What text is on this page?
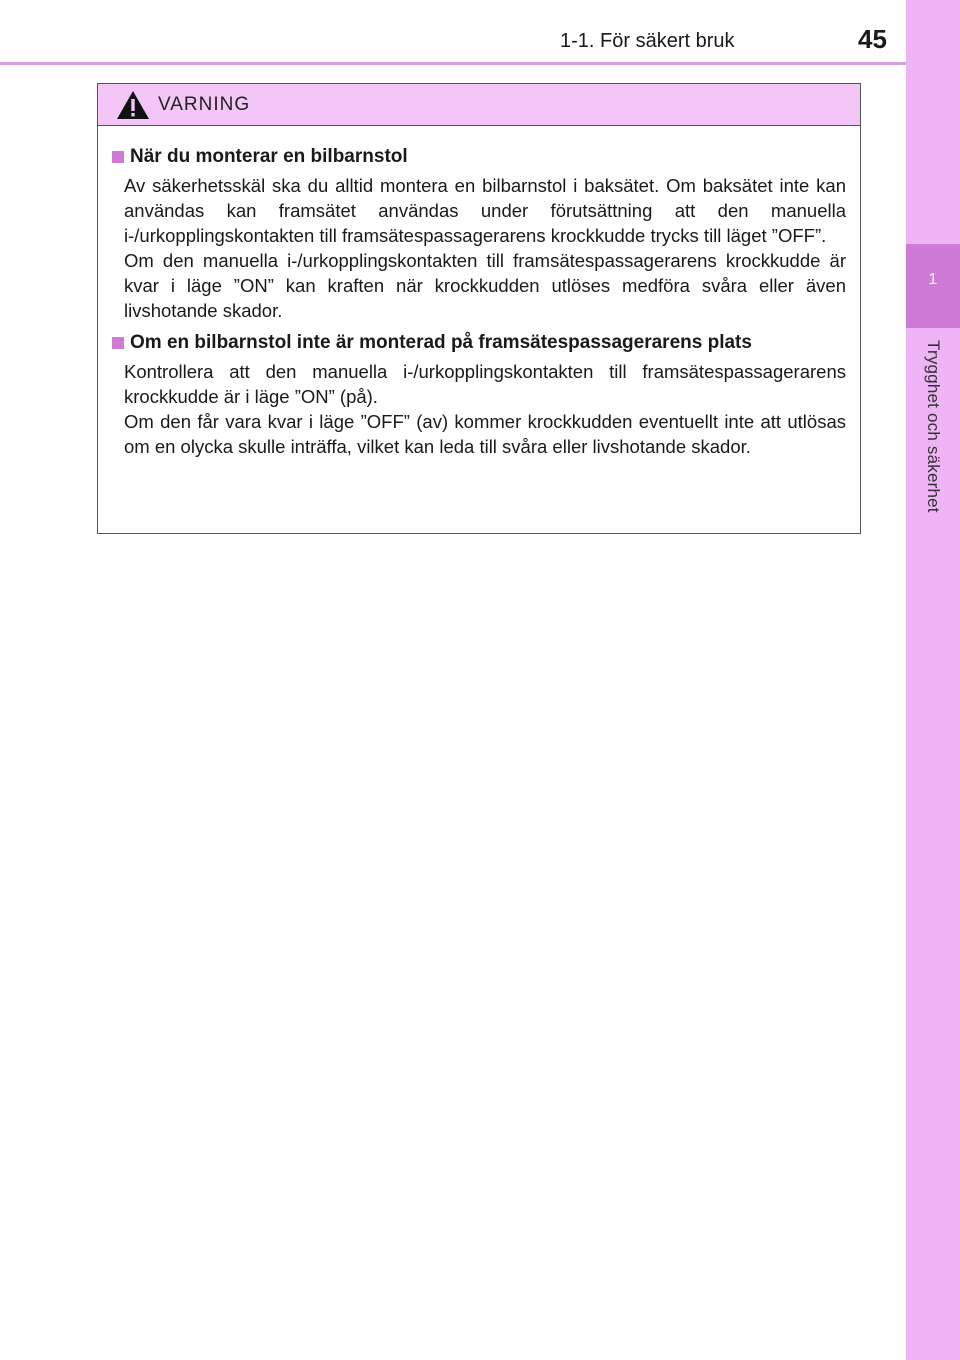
1-1. För säkert bruk	45
1
Trygghet och säkerhet
VARNING
När du monterar en bilbarnstol

Av säkerhetsskäl ska du alltid montera en bilbarnstol i baksätet. Om baksätet inte kan användas kan framsätet användas under förutsättning att den manuella i-/urkopplingskontakten till framsätespassagerarens krockkudde trycks till läget ”OFF”.

Om den manuella i-/urkopplingskontakten till framsätespassagerarens krockkudde är kvar i läge ”ON” kan kraften när krockkudden utlöses medföra svåra eller även livshotande skador.

Om en bilbarnstol inte är monterad på framsätespassagerarens plats

Kontrollera att den manuella i-/urkopplingskontakten till framsätespassagerarens krockkudde är i läge ”ON” (på).

Om den får vara kvar i läge ”OFF” (av) kommer krockkudden eventuellt inte att utlösas om en olycka skulle inträffa, vilket kan leda till svåra eller livshotande skador.
